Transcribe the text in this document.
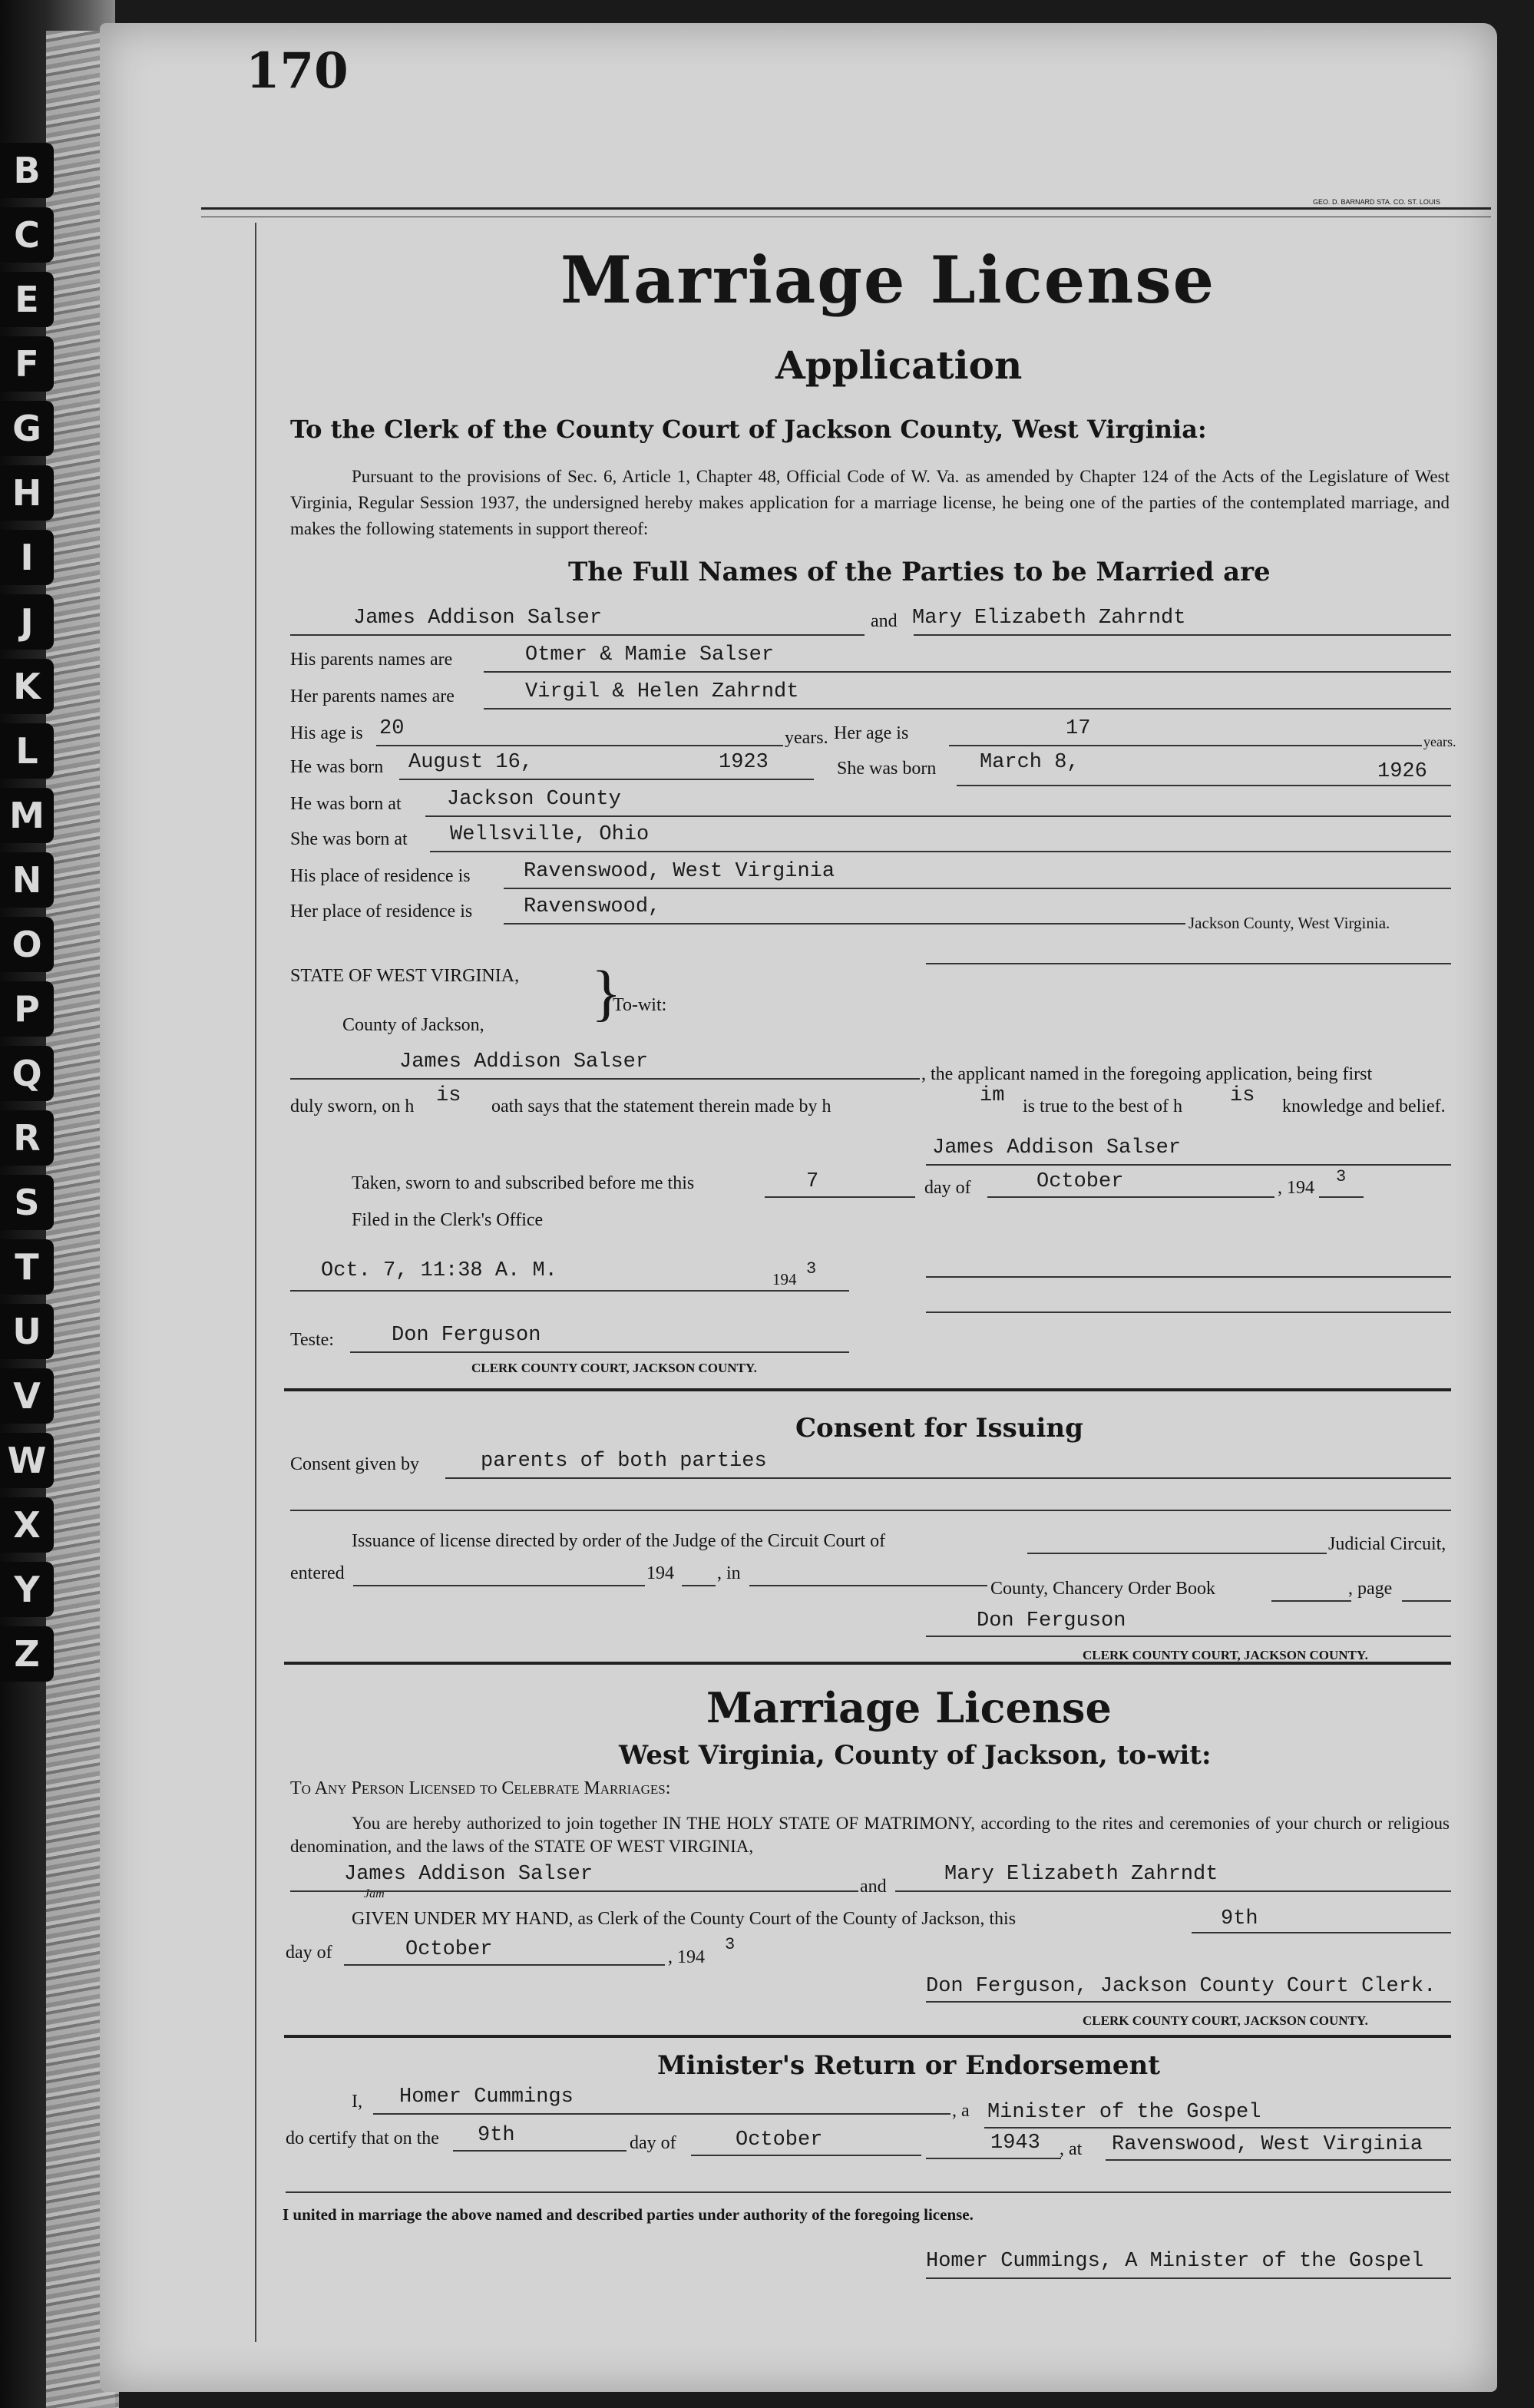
B
C
E
F
G
H
I
J
K
L
M
N
O
P
Q
R
S
T
U
V
W
X
Y
Z
170
GEO. D. BARNARD STA. CO. ST. LOUIS
Marriage License
Application
To the Clerk of the County Court of Jackson County, West Virginia:
Pursuant to the provisions of Sec. 6, Article 1, Chapter 48, Official Code of W. Va. as amended by Chapter 124 of the Acts of the Legislature of West Virginia, Regular Session 1937, the undersigned hereby makes application for a marriage license, he being one of the parties of the contemplated marriage, and makes the following statements in support thereof:
The Full Names of the Parties to be Married are
James Addison Salser	and Mary Elizabeth Zahrndt
His parents names are	Otmer & Mamie Salser
Her parents names are	Virgil & Helen Zahrndt
His age is 20	years. Her age is	17
years.
He was born August 16,	1923	She was born March 8,	1926
He was born at Jackson County
She was born at Wellsville, Ohio
His place of residence is	Ravenswood, West Virginia
Her place of residence is Ravenswood,
Jackson County, West Virginia.
STATE OF WEST VIRGINIA, }
County of Jackson,
To-wit:
James Addison Salser
, the applicant named in the foregoing application, being first
duly sworn, on h is oath says that the statement therein made by h	im is true to the best of h is knowledge and belief.
James Addison Salser
Taken, sworn to and subscribed before me this	7	day of	October	, 194
3
Filed in the Clerk's Office
Oct. 7, 11:38 A. M.	194
3
Teste:	Don Ferguson
CLERK COUNTY COURT, JACKSON COUNTY.
Consent for Issuing
Consent given by	parents of both parties
Issuance of license directed by order of the Judge of the Circuit Court of	Judicial Circuit,
entered	194 , in
County, Chancery Order Book	, page
Don Ferguson
CLERK COUNTY COURT, JACKSON COUNTY.
Marriage License
West Virginia, County of Jackson, to-wit:
To Any Person Licensed to Celebrate Marriages:
You are hereby authorized to join together IN THE HOLY STATE OF MATRIMONY, according to the rites and ceremonies of your church or religious denomination, and the laws of the STATE OF WEST VIRGINIA,
James Addison Salser
Jam	and
Mary Elizabeth Zahrndt
GIVEN UNDER MY HAND, as Clerk of the County Court of the County of Jackson, this	9th
day of	October	, 194
3
Don Ferguson, Jackson County Court Clerk.
CLERK COUNTY COURT, JACKSON COUNTY.
Minister's Return or Endorsement
I, Homer Cummings
, a Minister of the Gospel
do certify that on the 9th	day of	October	1943 , at Ravenswood, West Virginia
I united in marriage the above named and described parties under authority of the foregoing license.
Homer Cummings, A Minister of the Gospel
